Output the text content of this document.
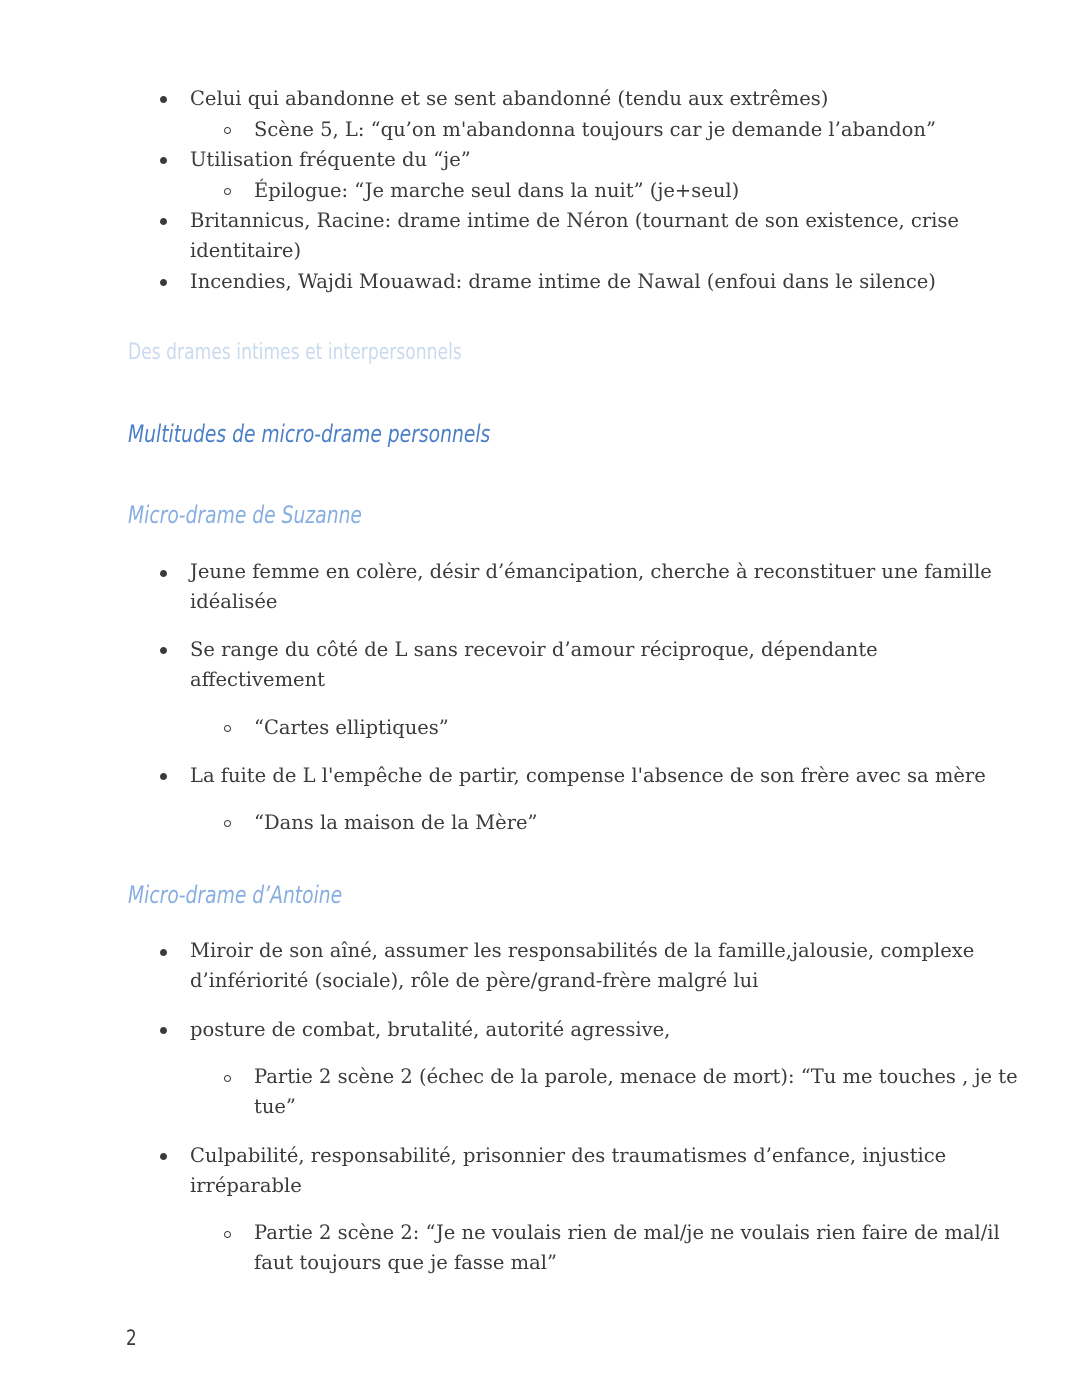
Celui qui abandonne et se sent abandonné (tendu aux extrêmes)
Scène 5, L: “qu’on m'abandonna toujours car je demande l’abandon”
Utilisation fréquente du “je”
Épilogue: “Je marche seul dans la nuit” (je+seul)
Britannicus, Racine: drame intime de Néron (tournant de son existence, crise
identitaire)
Incendies, Wajdi Mouawad: drame intime de Nawal (enfoui dans le silence)
Des drames intimes et interpersonnels
Multitudes de micro-drame personnels
Micro-drame de Suzanne
Jeune femme en colère, désir d’émancipation, cherche à reconstituer une famille
idéalisée
Se range du côté de L sans recevoir d’amour réciproque, dépendante
affectivement
“Cartes elliptiques”
La fuite de L l'empêche de partir, compense l'absence de son frère avec sa mère
“Dans la maison de la Mère”
Micro-drame d’Antoine
Miroir de son aîné, assumer les responsabilités de la famille,jalousie, complexe
d’infériorité (sociale), rôle de père/grand-frère malgré lui
posture de combat, brutalité, autorité agressive,
Partie 2 scène 2 (échec de la parole, menace de mort): “Tu me touches , je te
tue”
Culpabilité, responsabilité, prisonnier des traumatismes d’enfance, injustice
irréparable
Partie 2 scène 2: “Je ne voulais rien de mal/je ne voulais rien faire de mal/il
faut toujours que je fasse mal”
2
